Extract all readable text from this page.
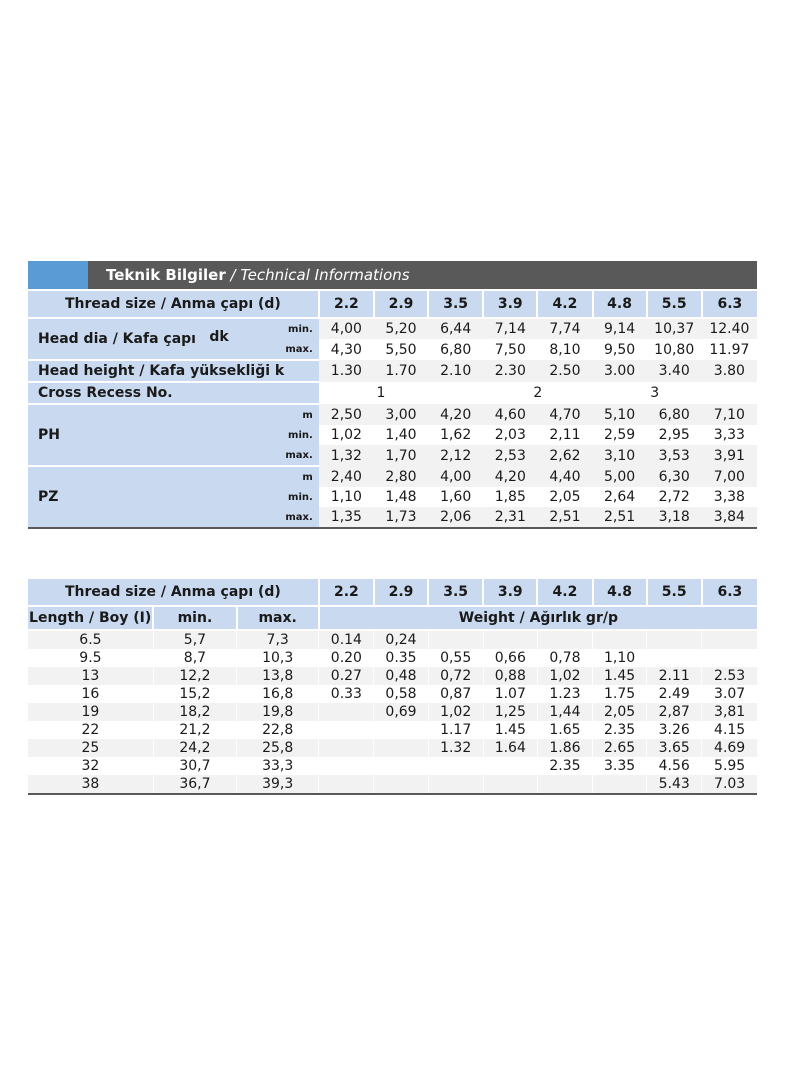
Teknik Bilgiler / Technical Informations
Thread size / Anma çapı (d)		2.2	2.9	3.5	3.9	4.2	4.8	5.5	6.3
Head dia / Kafa çapı dk	min.	4,00	5,20	6,44	7,14	7,74	9,14	10,37	12.40
	max.	4,30	5,50	6,80	7,50	8,10	9,50	10,80	11.97
Head height / Kafa yüksekliği k		1.30	1.70	2.10	2.30	2.50	3.00	3.40	3.80
Cross Recess No.		1			2		3		
PH	m	2,50	3,00	4,20	4,60	4,70	5,10	6,80	7,10
	min.	1,02	1,40	1,62	2,03	2,11	2,59	2,95	3,33
	max.	1,32	1,70	2,12	2,53	2,62	3,10	3,53	3,91
PZ	m	2,40	2,80	4,00	4,20	4,40	5,00	6,30	7,00
	min.	1,10	1,48	1,60	1,85	2,05	2,64	2,72	3,38
	max.	1,35	1,73	2,06	2,31	2,51	2,51	3,18	3,84
Thread size / Anma çapı (d)			2.2	2.9	3.5	3.9	4.2	4.8	5.5	6.3
Length / Boy (I)	min.	max.	Weight / Ağırlık gr/p							
6.5	5,7	7,3	0.14	0,24						
9.5	8,7	10,3	0.20	0.35	0,55	0,66	0,78	1,10		
13	12,2	13,8	0.27	0,48	0,72	0,88	1,02	1.45	2.11	2.53
16	15,2	16,8	0.33	0,58	0,87	1.07	1.23	1.75	2.49	3.07
19	18,2	19,8		0,69	1,02	1,25	1,44	2,05	2,87	3,81
22	21,2	22,8			1.17	1.45	1.65	2.35	3.26	4.15
25	24,2	25,8			1.32	1.64	1.86	2.65	3.65	4.69
32	30,7	33,3					2.35	3.35	4.56	5.95
38	36,7	39,3							5.43	7.03
